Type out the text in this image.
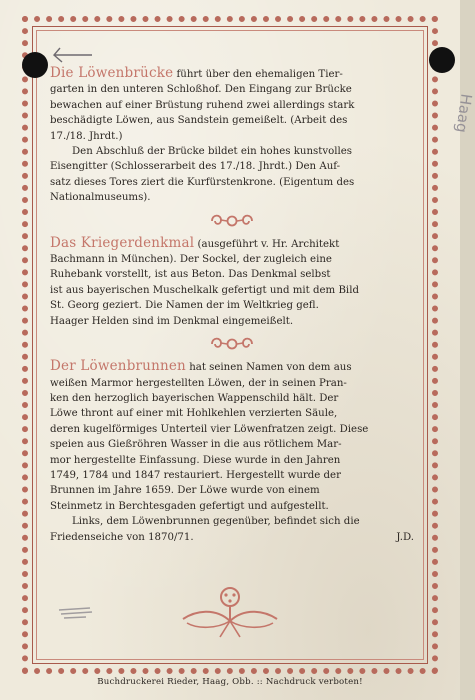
Haag

Die Löwenbrücke führt über den ehemaligen Tier-
garten in den unteren Schloßhof. Den Eingang zur Brücke
bewachen auf einer Brüstung ruhend zwei allerdings stark
beschädigte Löwen, aus Sandstein gemeißelt. (Arbeit des
17./18. Jhrdt.)
Den Abschluß der Brücke bildet ein hohes kunstvolles
Eisengitter (Schlosserarbeit des 17./18. Jhrdt.) Den Auf-
satz dieses Tores ziert die Kurfürstenkrone. (Eigentum des
Nationalmuseums).

Das Kriegerdenkmal (ausgeführt v. Hr. Architekt
Bachmann in München). Der Sockel, der zugleich eine
Ruhebank vorstellt, ist aus Beton. Das Denkmal selbst
ist aus bayerischen Muschelkalk gefertigt und mit dem Bild
St. Georg geziert. Die Namen der im Weltkrieg gefl.
Haager Helden sind im Denkmal eingemeißelt.

Der Löwenbrunnen hat seinen Namen von dem aus
weißen Marmor hergestellten Löwen, der in seinen Pran-
ken den herzoglich bayerischen Wappenschild hält. Der
Löwe thront auf einer mit Hohlkehlen verzierten Säule,
deren kugelförmiges Unterteil vier Löwenfratzen zeigt. Diese
speien aus Gießröhren Wasser in die aus rötlichem Mar-
mor hergestellte Einfassung. Diese wurde in den Jahren
1749, 1784 und 1847 restauriert. Hergestellt wurde der
Brunnen im Jahre 1659. Der Löwe wurde von einem
Steinmetz in Berchtesgaden gefertigt und aufgestellt.
Links, dem Löwenbrunnen gegenüber, befindet sich die
Friedenseiche von 1870/71.	J.D.

Buchdruckerei Rieder, Haag, Obb. :: Nachdruck verboten!
